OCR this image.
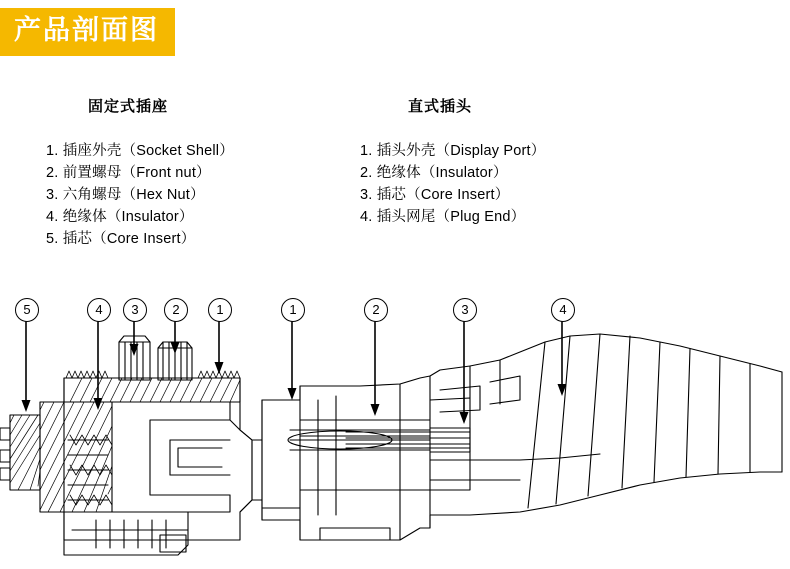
产品剖面图
固定式插座	直式插头
1. 插座外壳（Socket Shell）
2. 前置螺母（Front nut）
3. 六角螺母（Hex Nut）
4. 绝缘体（Insulator）
5. 插芯（Core Insert）
1. 插头外壳（Display Port）
2. 绝缘体（Insulator）
3. 插芯（Core Insert）
4. 插头网尾（Plug End）
5	4	3	2	1	1	2	3	4
